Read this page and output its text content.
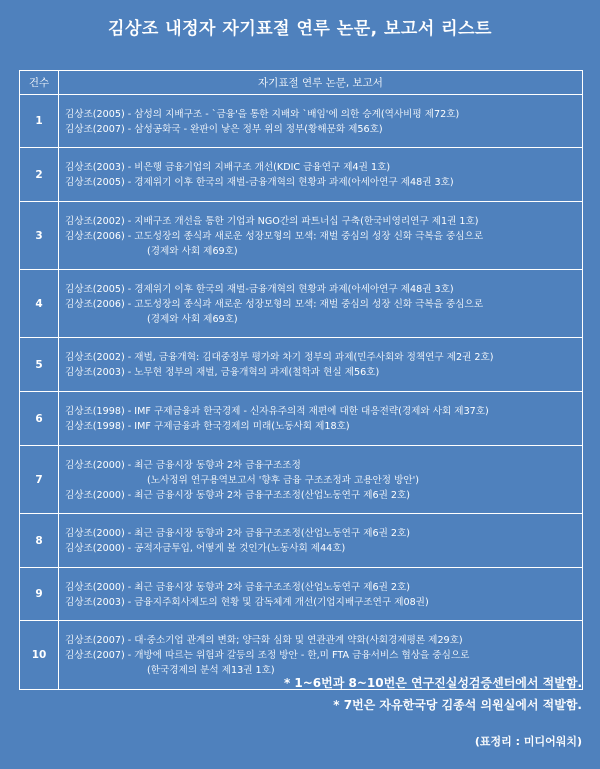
김상조 내정자 자기표절 연루 논문, 보고서 리스트
건수	자기표절 연루 논문, 보고서
1
김상조(2005) - 삼성의 지배구조 - `금융'을 통한 지배와 `배임'에 의한 승계(역사비평 제72호)
김상조(2007) - 삼성공화국 - 완판이 낳은 정부 위의 정부(황해문화 제56호)
2
김상조(2003) - 비은행 금융기업의 지배구조 개선(KDIC 금융연구 제4권 1호)
김상조(2005) - 경제위기 이후 한국의 재벌-금융개혁의 현황과 과제(아세아연구 제48권 3호)
3
김상조(2002) - 지배구조 개선을 통한 기업과 NGO간의 파트너십 구축(한국비영리연구 제1권 1호)
김상조(2006) - 고도성장의 종식과 새로운 성장모형의 모색: 재벌 중심의 성장 신화 극복을 중심으로
(경제와 사회 제69호)
4
김상조(2005) - 경제위기 이후 한국의 재벌-금융개혁의 현황과 과제(아세아연구 제48권 3호)
김상조(2006) - 고도성장의 종식과 새로운 성장모형의 모색: 재벌 중심의 성장 신화 극복을 중심으로
(경제와 사회 제69호)
5
김상조(2002) - 재벌, 금융개혁: 김대중정부 평가와 차기 정부의 과제(민주사회와 정책연구 제2권 2호)
김상조(2003) - 노무현 정부의 재벌, 금융개혁의 과제(철학과 현실 제56호)
6
김상조(1998) - IMF 구제금융과 한국경제 - 신자유주의적 재편에 대한 대응전략(경제와 사회 제37호)
김상조(1998) - IMF 구제금융과 한국경제의 미래(노동사회 제18호)
7
김상조(2000) - 최근 금융시장 동향과 2차 금융구조조정
(노사정위 연구용역보고서 '향후 금융 구조조정과 고용안정 방안')
김상조(2000) - 최근 금융시장 동향과 2차 금융구조조정(산업노동연구 제6권 2호)
8
김상조(2000) - 최근 금융시장 동향과 2차 금융구조조정(산업노동연구 제6권 2호)
김상조(2000) - 공적자금투입, 어떻게 볼 것인가(노동사회 제44호)
9
김상조(2000) - 최근 금융시장 동향과 2차 금융구조조정(산업노동연구 제6권 2호)
김상조(2003) - 금융지주회사제도의 현황 및 감독체계 개선(기업지배구조연구 제08권)
10
김상조(2007) - 대·중소기업 관계의 변화; 양극화 심화 및 연관관계 약화(사회경제평론 제29호)
김상조(2007) - 개방에 따르는 위험과 갈등의 조정 방안 - 한,미 FTA 금융서비스 협상을 중심으로
(한국경제의 분석 제13권 1호)
* 1~6번과 8~10번은 연구진실성검증센터에서 적발함.
* 7번은 자유한국당 김종석 의원실에서 적발함.
(표정리 : 미디어워치)
